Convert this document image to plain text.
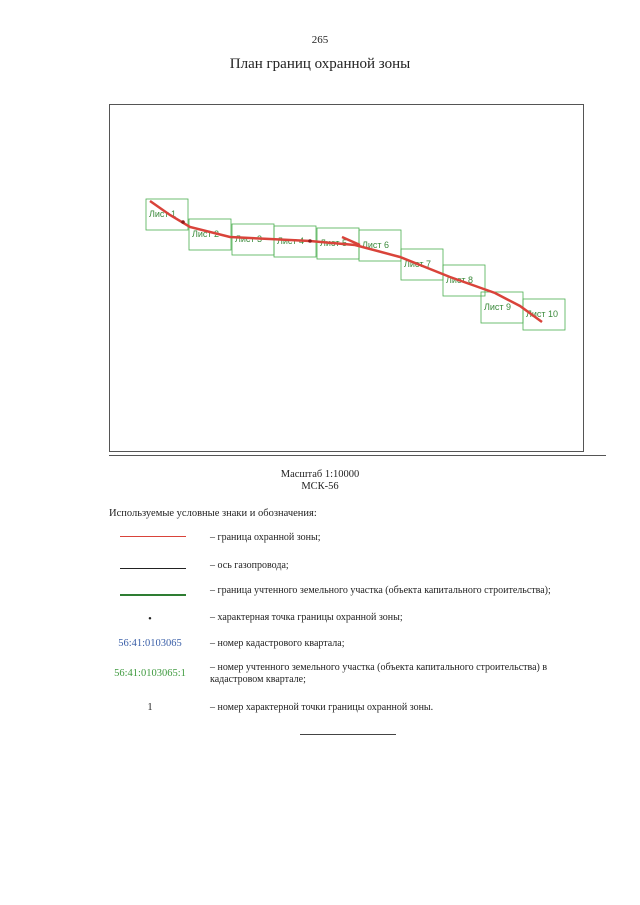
265
План границ охранной зоны
Лист 1
Лист 2 Лист 3 Лист 4 Лист 5 Лист 6
Лист 7
Лист 8
Лист 9
Лист 10
Масштаб 1:10000
МСК-56
Используемые условные знаки и обозначения:
– граница охранной зоны;
– ось газопровода;
– граница учтенного земельного участка (объекта капитального строительства);
•	– характерная точка границы охранной зоны;
56:41:0103065	– номер кадастрового квартала;
56:41:0103065:1
– номер учтенного земельного участка (объекта капитального строительства) в кадастровом квартале;
1	– номер характерной точки границы охранной зоны.
